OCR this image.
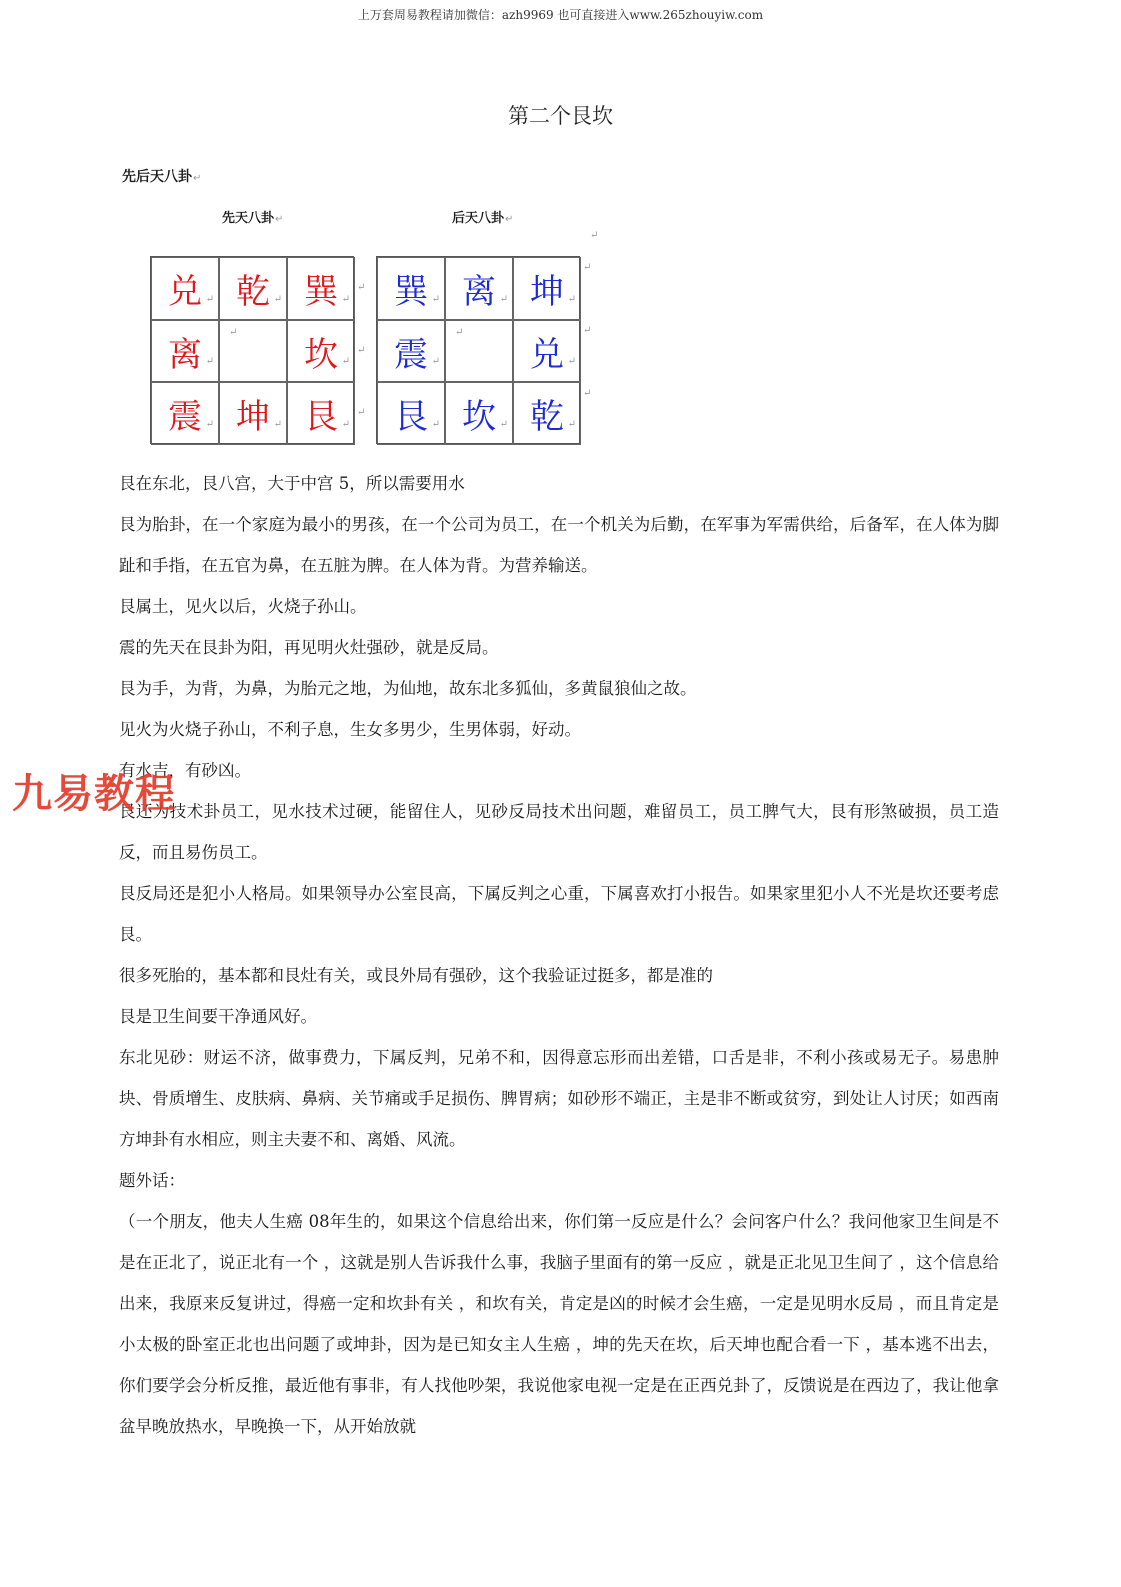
上万套周易教程请加微信：azh9969 也可直接进入www.265zhouyiw.com
第二个艮坎
先后天八卦↵
先天八卦↵	后天八卦↵
↵
兑 ↵ 乾 ↵ 巽 ↵
离 ↵
↵
坎 ↵
震 ↵ 坤 ↵ 艮 ↵
↵
↵
↵
巽 ↵ 离 ↵ 坤 ↵
震 ↵
↵
兑 ↵
艮 ↵ 坎 ↵ 乾 ↵
↵
↵
↵

艮在东北，艮八宫，大于中宫 5，所以需要用水

艮为胎卦，在一个家庭为最小的男孩，在一个公司为员工，在一个机关为后勤，在军事为军需供给，后备军，在人体为脚趾和手指，在五官为鼻，在五脏为脾。在人体为背。为营养输送。

艮属土，见火以后，火烧子孙山。

震的先天在艮卦为阳，再见明火灶强砂，就是反局。

艮为手，为背，为鼻，为胎元之地，为仙地，故东北多狐仙，多黄鼠狼仙之故。

见火为火烧子孙山，不利子息，生女多男少，生男体弱，好动。

有水吉，有砂凶。

艮还为技术卦员工，见水技术过硬，能留住人，见砂反局技术出问题，难留员工，员工脾气大，艮有形煞破损，员工造反，而且易伤员工。

艮反局还是犯小人格局。如果领导办公室艮高，下属反判之心重，下属喜欢打小报告。如果家里犯小人不光是坎还要考虑艮。

很多死胎的，基本都和艮灶有关，或艮外局有强砂，这个我验证过挺多，都是准的

艮是卫生间要干净通风好。

东北见砂：财运不济，做事费力，下属反判，兄弟不和，因得意忘形而出差错，口舌是非，不利小孩或易无子。易患肿块、骨质增生、皮肤病、鼻病、关节痛或手足损伤、脾胃病；如砂形不端正，主是非不断或贫穷，到处让人讨厌；如西南方坤卦有水相应，则主夫妻不和、离婚、风流。

题外话：

（一个朋友，他夫人生癌 08年生的，如果这个信息给出来，你们第一反应是什么？会问客户什么？我问他家卫生间是不是在正北了，说正北有一个 ，这就是别人告诉我什么事，我脑子里面有的第一反应 ，就是正北见卫生间了 ，这个信息给出来，我原来反复讲过，得癌一定和坎卦有关 ，和坎有关，肯定是凶的时候才会生癌，一定是见明水反局 ，而且肯定是小太极的卧室正北也出问题了或坤卦，因为是已知女主人生癌 ，坤的先天在坎，后天坤也配合看一下 ，基本逃不出去，你们要学会分析反推，最近他有事非，有人找他吵架，我说他家电视一定是在正西兑卦了，反馈说是在西边了，我让他拿盆早晚放热水，早晚换一下，从开始放就

九易教程
